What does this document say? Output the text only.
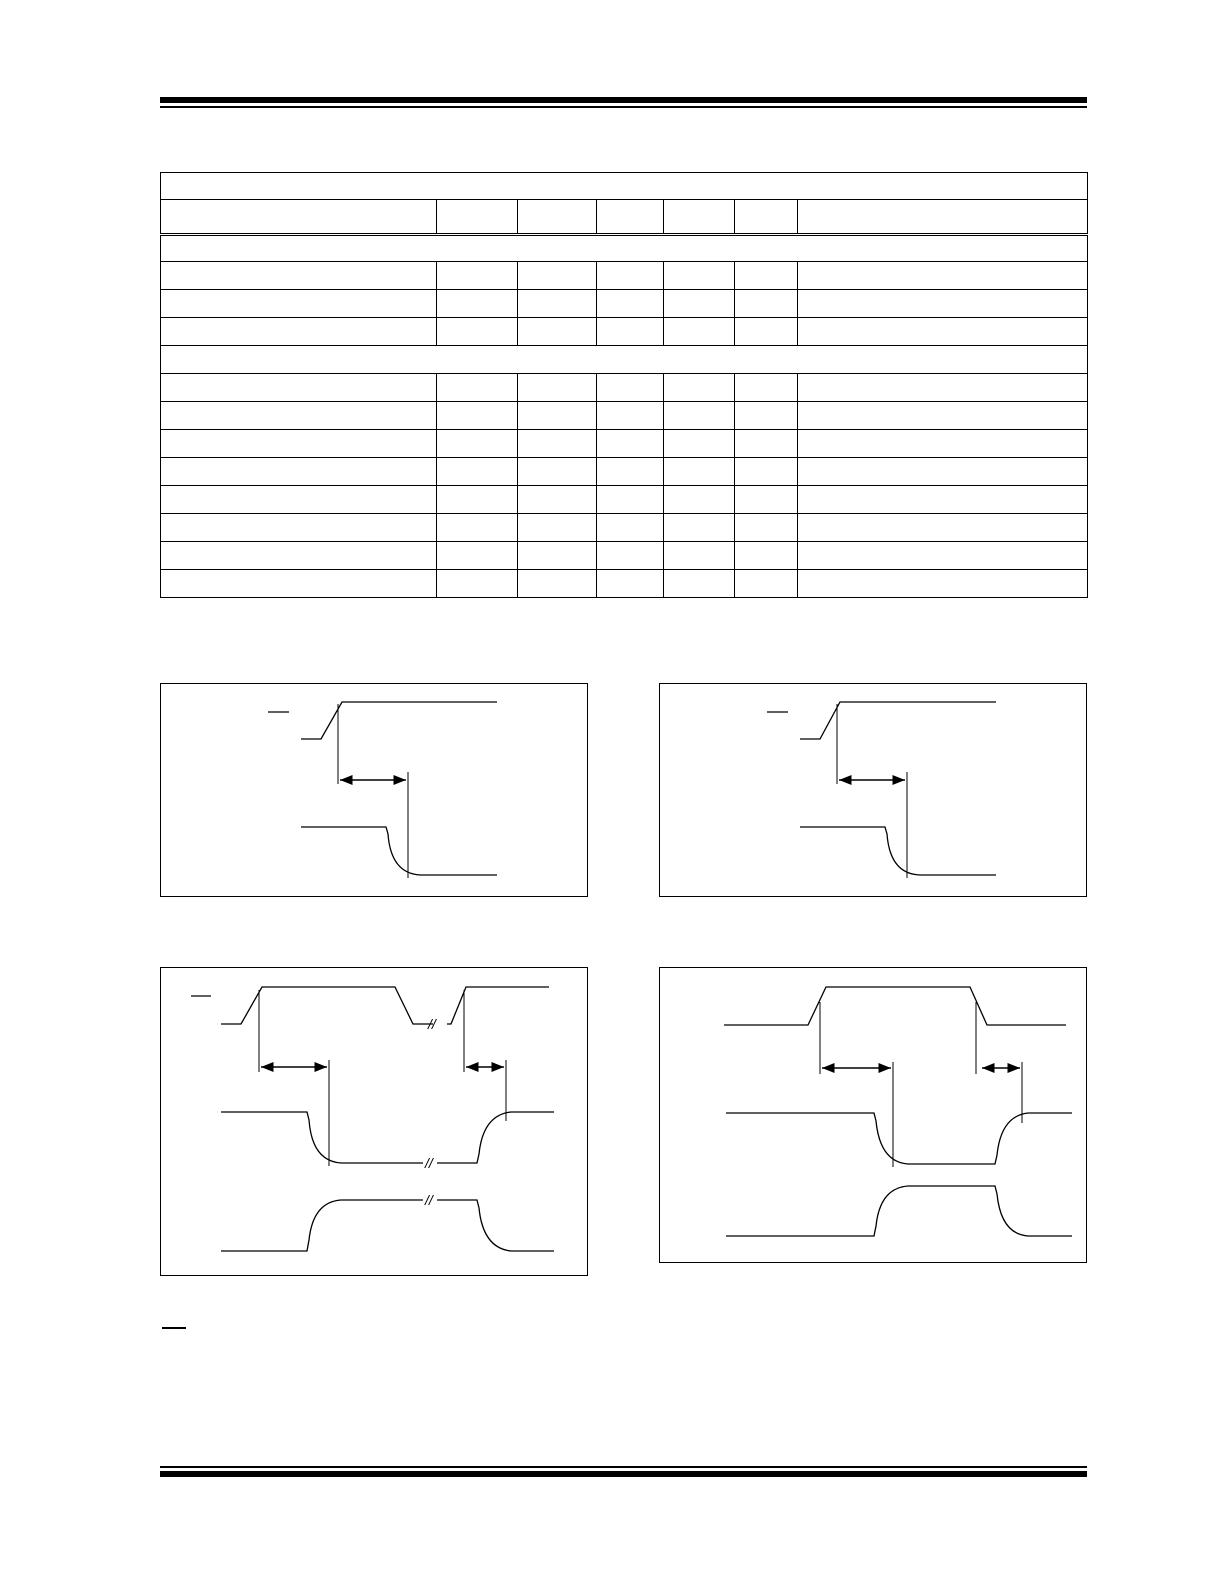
//
//
//
